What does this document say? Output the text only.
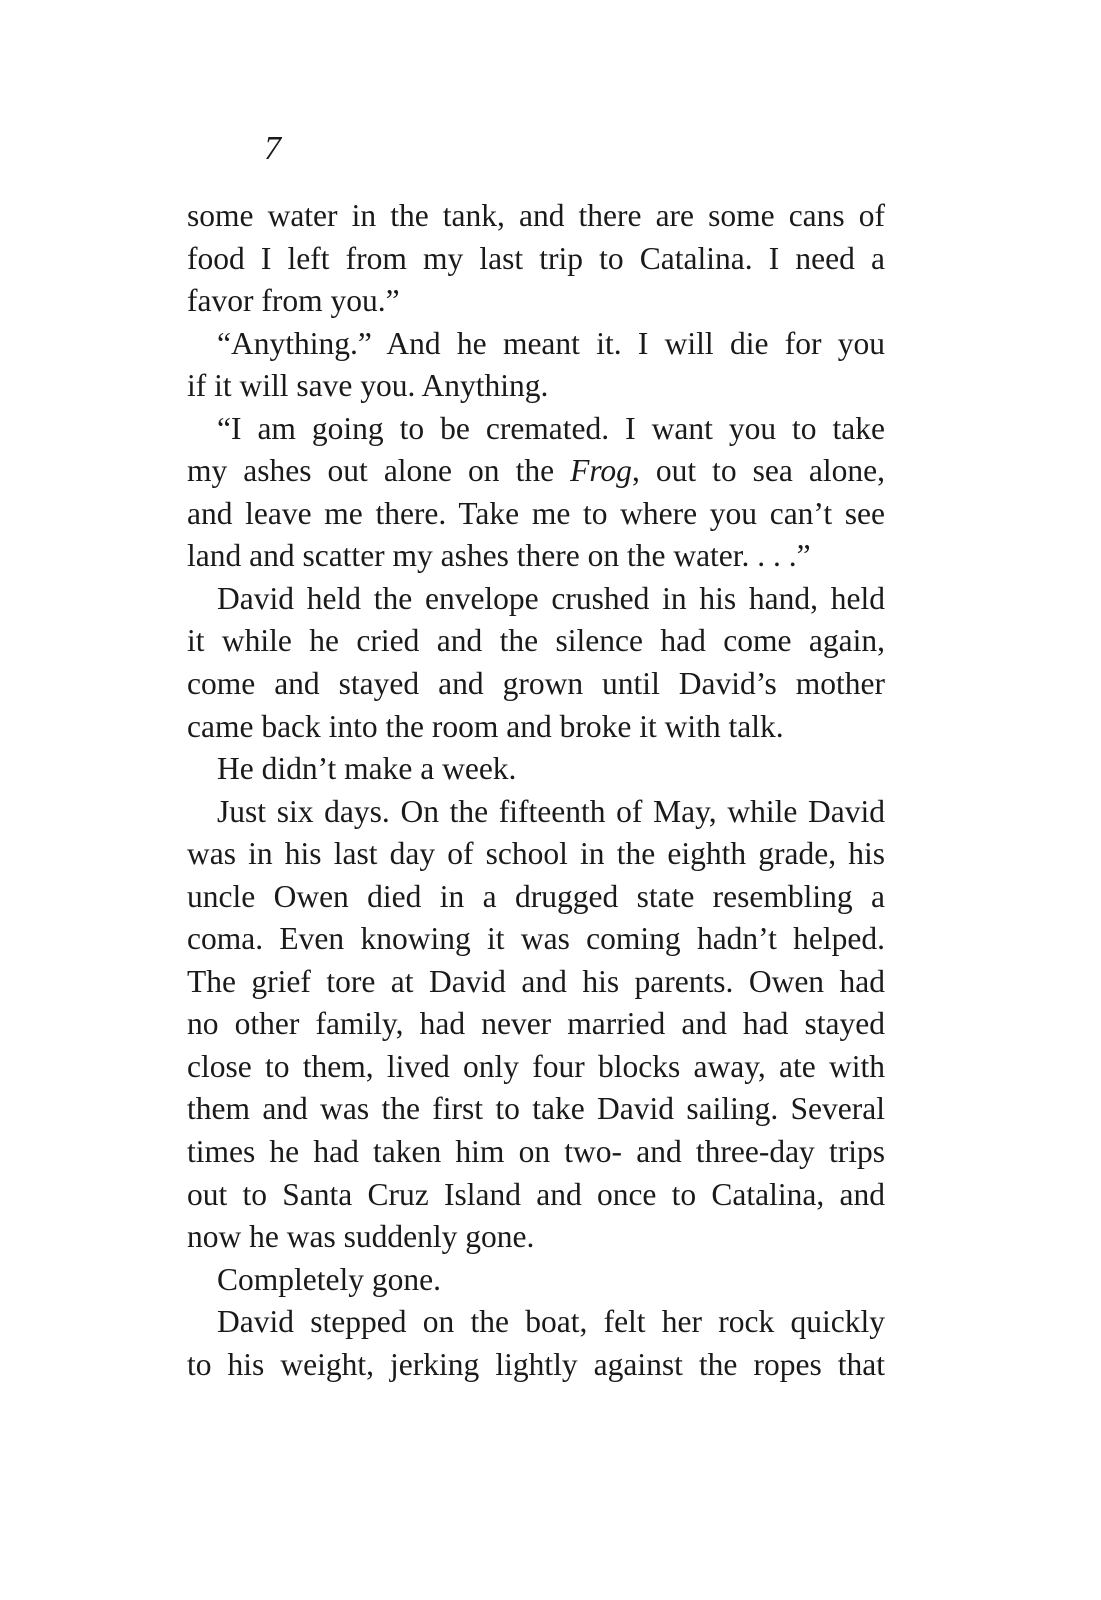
7
some water in the tank, and there are some cans of
food I left from my last trip to Catalina. I need a
favor from you.”
“Anything.” And he meant it. I will die for you
if it will save you. Anything.
“I am going to be cremated. I want you to take
my ashes out alone on the Frog, out to sea alone,
and leave me there. Take me to where you can’t see
land and scatter my ashes there on the water. . . .”
David held the envelope crushed in his hand, held
it while he cried and the silence had come again,
come and stayed and grown until David’s mother
came back into the room and broke it with talk.
He didn’t make a week.
Just six days. On the fifteenth of May, while David
was in his last day of school in the eighth grade, his
uncle Owen died in a drugged state resembling a
coma. Even knowing it was coming hadn’t helped.
The grief tore at David and his parents. Owen had
no other family, had never married and had stayed
close to them, lived only four blocks away, ate with
them and was the first to take David sailing. Several
times he had taken him on two- and three-day trips
out to Santa Cruz Island and once to Catalina, and
now he was suddenly gone.
Completely gone.
David stepped on the boat, felt her rock quickly
to his weight, jerking lightly against the ropes that
